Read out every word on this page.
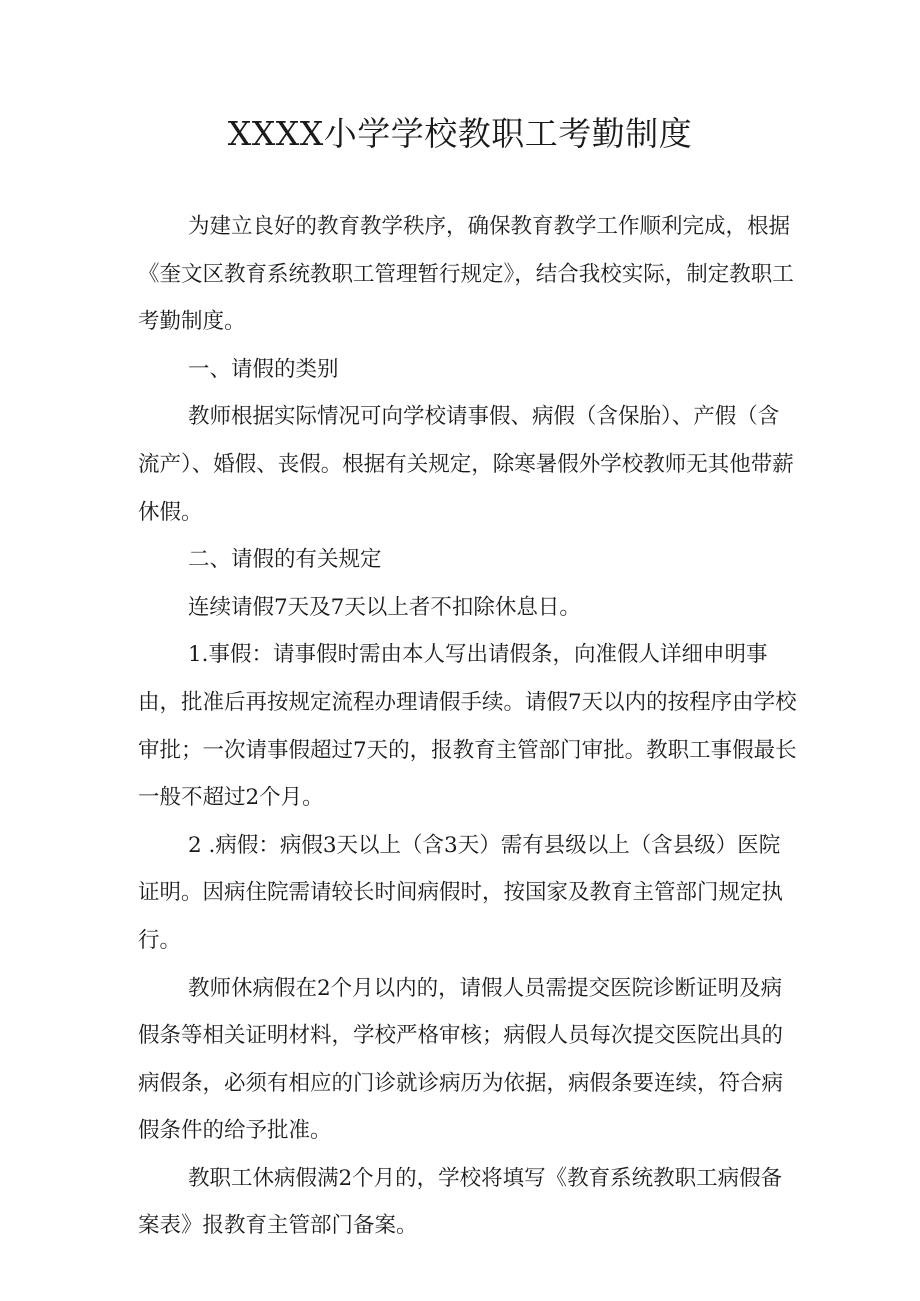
XXXX小学学校教职工考勤制度

为建立良好的教育教学秩序，确保教育教学工作顺利完成，根据《奎文区教育系统教职工管理暂行规定》，结合我校实际，制定教职工考勤制度。

一、请假的类别

教师根据实际情况可向学校请事假、病假（含保胎）、产假（含流产）、婚假、丧假。根据有关规定，除寒暑假外学校教师无其他带薪休假。

二、请假的有关规定

连续请假7天及7天以上者不扣除休息日。

1.事假：请事假时需由本人写出请假条，向准假人详细申明事由，批准后再按规定流程办理请假手续。请假7天以内的按程序由学校审批；一次请事假超过7天的，报教育主管部门审批。教职工事假最长一般不超过2个月。

2 .病假：病假3天以上（含3天）需有县级以上（含县级）医院证明。因病住院需请较长时间病假时，按国家及教育主管部门规定执行。

教师休病假在2个月以内的，请假人员需提交医院诊断证明及病假条等相关证明材料，学校严格审核；病假人员每次提交医院出具的病假条，必须有相应的门诊就诊病历为依据，病假条要连续，符合病假条件的给予批准。

教职工休病假满2个月的，学校将填写《教育系统教职工病假备案表》报教育主管部门备案。
